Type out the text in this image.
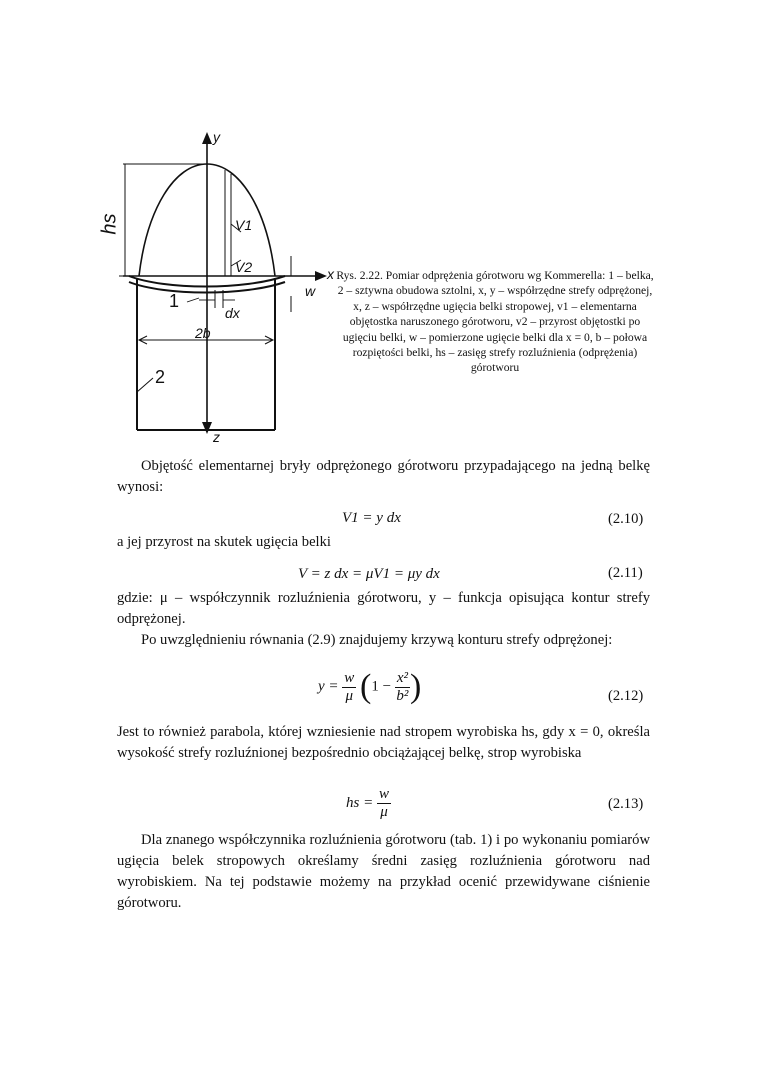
y
x
z
hs	V1
V2
w
dx
2b
1
2
Rys. 2.22. Pomiar odprężenia górotworu wg Kommerella: 1 – belka, 2 – sztywna obudowa sztolni, x, y – współrzędne strefy odprężonej, x, z – współrzędne ugięcia belki stropowej, v1 – elementarna objętostka naruszonego górotworu, v2 – przyrost objętostki po ugięciu belki, w – pomierzone ugięcie belki dla x = 0, b – połowa rozpiętości belki, hs – zasięg strefy rozluźnienia (odprężenia) górotworu
Objętość elementarnej bryły odprężonego górotworu przypadającego na jedną belkę wynosi:
V1 = y dx	(2.10)
a jej przyrost na skutek ugięcia belki
V = z dx = μV1 = μy dx	(2.11)
gdzie: μ – współczynnik rozluźnienia górotworu, y – funkcja opisująca kontur strefy odprężonej.
Po uwzględnieniu równania (2.9) znajdujemy krzywą konturu strefy odprężonej:
$y = \frac{w}{\mu} (1 - \frac{\text{x²}}{\text{b²}}$ )	(2.12)
Jest to również parabola, której wzniesienie nad stropem wyrobiska hs, gdy x = 0, określa wysokość strefy rozluźnionej bezpośrednio obciążającej belkę, strop wyrobiska
hs = $\frac{w}{\mu}$	(2.13)
Dla znanego współczynnika rozluźnienia górotworu (tab. 1) i po wykonaniu pomiarów ugięcia belek stropowych określamy średni zasięg rozluźnienia górotworu nad wyrobiskiem. Na tej podstawie możemy na przykład ocenić przewidywane ciśnienie górotworu.
